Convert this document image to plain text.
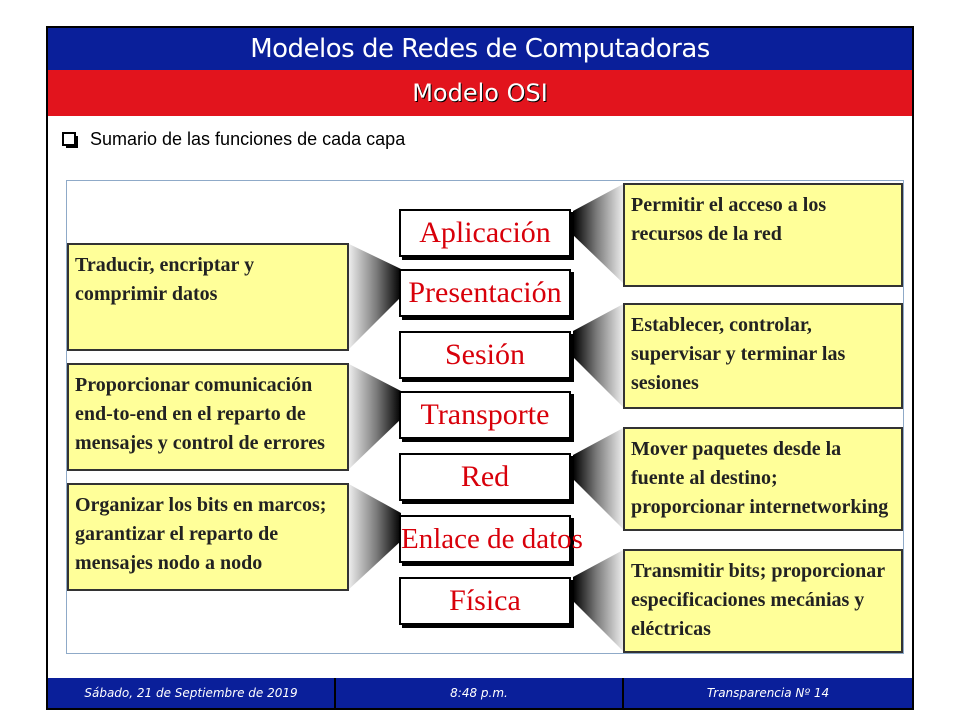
Modelos de Redes de Computadoras
Modelo OSI
Sumario de las funciones de cada capa
Aplicación
Presentación
Sesión
Transporte
Red
Enlace de datos
Física
Permitir el acceso a los
recursos de la red
Traducir, encriptar y
comprimir datos
Establecer, controlar,
supervisar y terminar las
sesiones
Proporcionar comunicación
end-to-end en el reparto de
mensajes y control de errores	Mover paquetes desde la
fuente al destino;
proporcionar internetworking
Organizar los bits en marcos;
garantizar el reparto de
mensajes nodo a nodo	Transmitir bits; proporcionar
especificaciones mecánias y
eléctricas
Sábado, 21 de Septiembre de 2019	8:48 p.m.	Transparencia Nº 14
